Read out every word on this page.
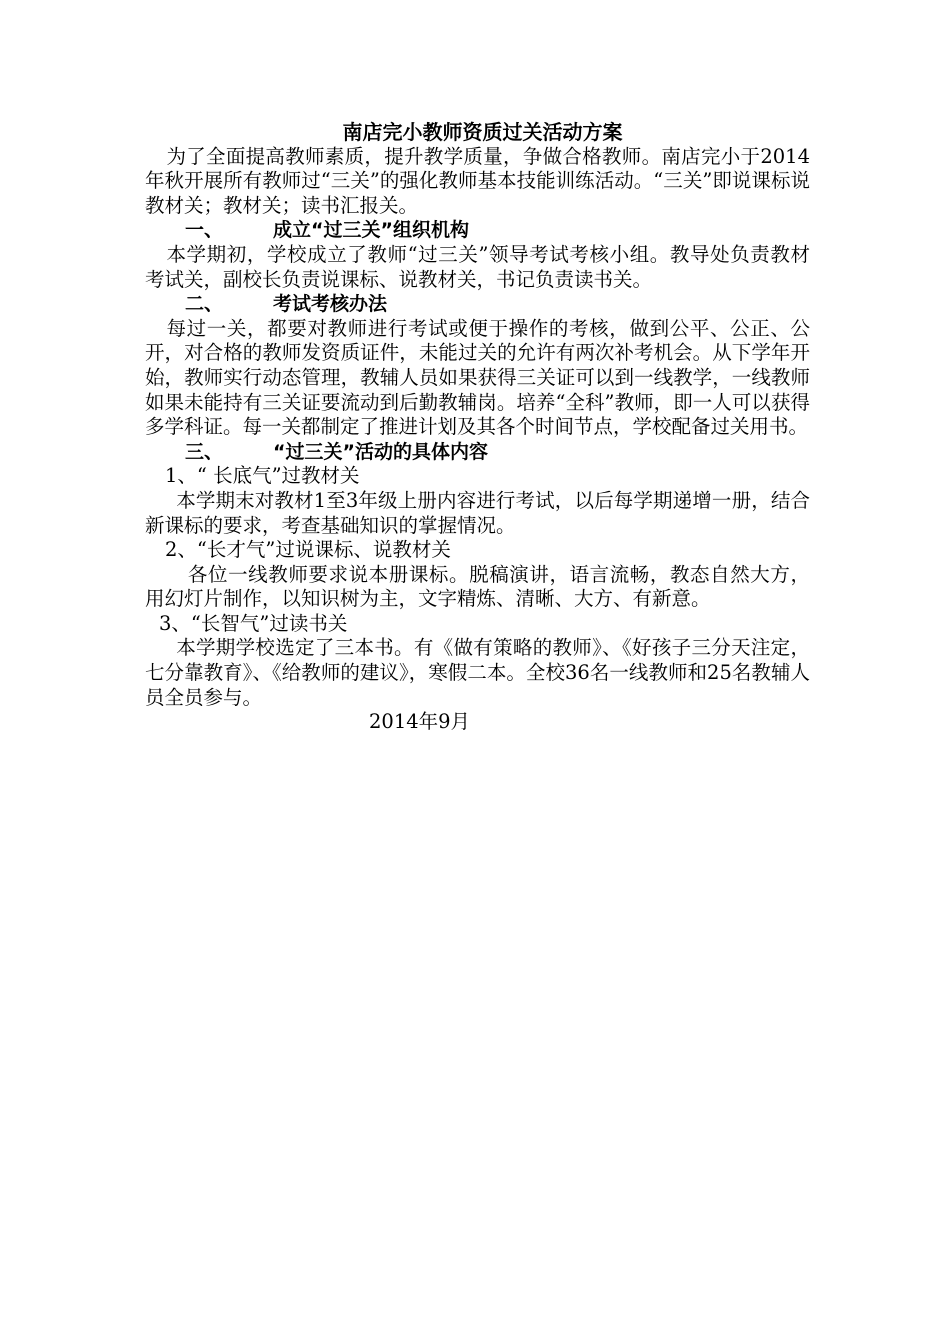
南店完小教师资质过关活动方案

为了全面提高教师素质，提升教学质量，争做合格教师。南店完小于2014年秋开展所有教师过“三关”的强化教师基本技能训练活动。“三关”即说课标说教材关；教材关；读书汇报关。

一、	成立“过三关”组织机构

本学期初，学校成立了教师“过三关”领导考试考核小组。教导处负责教材考试关，副校长负责说课标、说教材关，书记负责读书关。

二、	考试考核办法

每过一关，都要对教师进行考试或便于操作的考核，做到公平、公正、公开，对合格的教师发资质证件，未能过关的允许有两次补考机会。从下学年开始，教师实行动态管理，教辅人员如果获得三关证可以到一线教学，一线教师如果未能持有三关证要流动到后勤教辅岗。培养“全科”教师，即一人可以获得多学科证。每一关都制定了推进计划及其各个时间节点，学校配备过关用书。

三、	“过三关”活动的具体内容

1、“ 长底气”过教材关

本学期末对教材1至3年级上册内容进行考试，以后每学期递增一册，结合新课标的要求，考查基础知识的掌握情况。

2、“长才气”过说课标、说教材关

各位一线教师要求说本册课标。脱稿演讲，语言流畅，教态自然大方，用幻灯片制作，以知识树为主，文字精炼、清晰、大方、有新意。

3、“长智气”过读书关

本学期学校选定了三本书。有《做有策略的教师》、《好孩子三分天注定，七分靠教育》、《给教师的建议》，寒假二本。全校36名一线教师和25名教辅人员全员参与。

2014年9月
